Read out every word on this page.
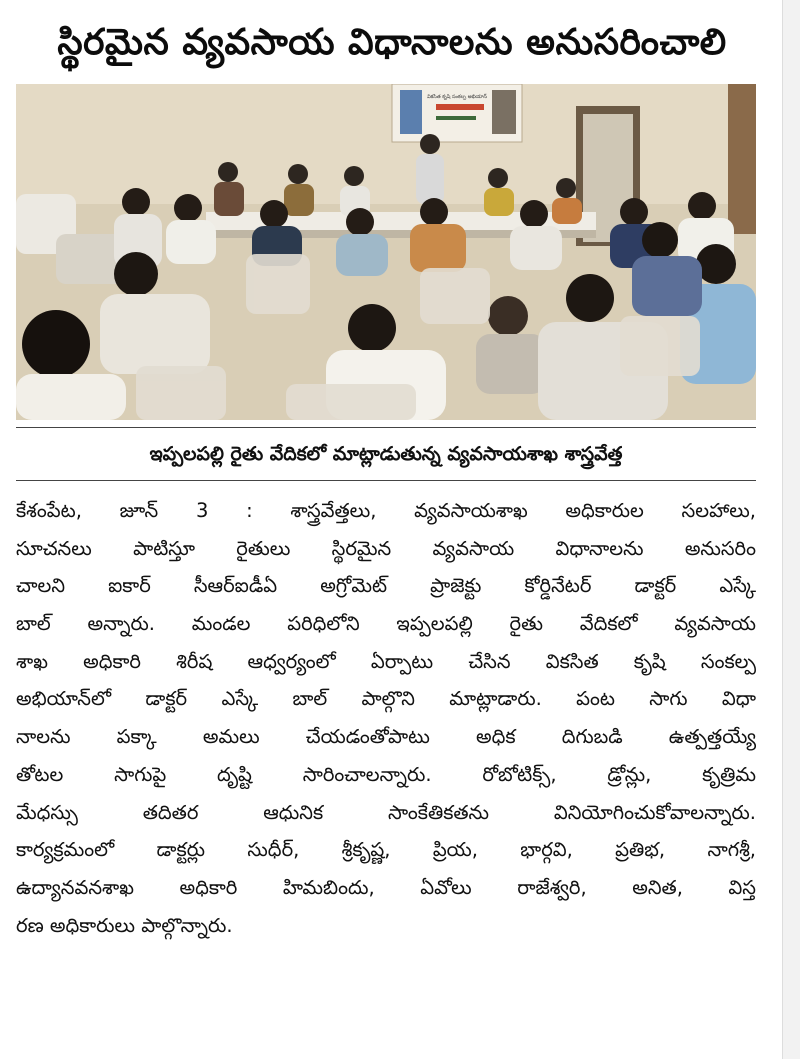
స్థిరమైన వ్యవసాయ విధానాలను అనుసరించాలి
వికసిత కృషి సంకల్ప అభియాన్
ఇప్పలపల్లి రైతు వేదికలో మాట్లాడుతున్న వ్యవసాయశాఖ శాస్త్రవేత్త
కేశంపేట, జూన్ 3 : శాస్త్రవేత్తలు, వ్యవసాయశాఖ అధికారుల సలహాలు,
సూచనలు పాటిస్తూ రైతులు స్థిరమైన వ్యవసాయ విధానాలను అనుసరిం
చాలని ఐకార్ సీఆర్ఐడీఏ అగ్రోమెట్ ప్రాజెక్టు కోర్డినేటర్ డాక్టర్ ఎస్కే
బాల్ అన్నారు. మండల పరిధిలోని ఇప్పలపల్లి రైతు వేదికలో వ్యవసాయ
శాఖ అధికారి శిరీష ఆధ్వర్యంలో ఏర్పాటు చేసిన వికసిత కృషి సంకల్ప
అభియాన్‌లో డాక్టర్ ఎస్కే బాల్ పాల్గొని మాట్లాడారు. పంట సాగు విధా
నాలను పక్కా అమలు చేయడంతోపాటు అధిక దిగుబడి ఉత్పత్తయ్యే
తోటల సాగుపై దృష్టి సారించాలన్నారు. రోబోటిక్స్, డ్రోన్లు, కృత్రిమ
మేధస్సు తదితర ఆధునిక సాంకేతికతను వినియోగించుకోవాలన్నారు.
కార్యక్రమంలో డాక్టర్లు సుధీర్, శ్రీకృష్ణ, ప్రియ, భార్గవి, ప్రతిభ, నాగశ్రీ,
ఉద్యానవనశాఖ అధికారి హిమబిందు, ఏవోలు రాజేశ్వరి, అనిత, విస్త
రణ అధికారులు పాల్గొన్నారు.
